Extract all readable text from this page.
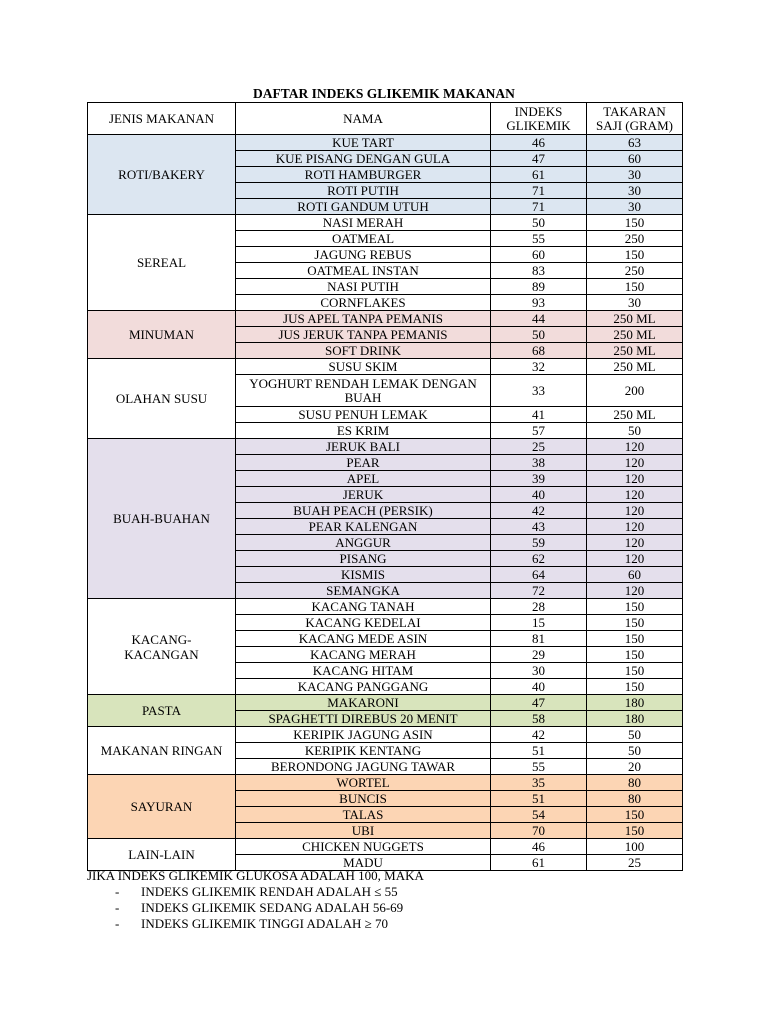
DAFTAR INDEKS GLIKEMIK MAKANAN
JENIS MAKANAN	NAMA	INDEKS GLIKEMIK	TAKARAN SAJI (GRAM)
ROTI/BAKERY	KUE TART	46	63
	KUE PISANG DENGAN GULA	47	60
	ROTI HAMBURGER	61	30
	ROTI PUTIH	71	30
	ROTI GANDUM UTUH	71	30
SEREAL	NASI MERAH	50	150
	OATMEAL	55	250
	JAGUNG REBUS	60	150
	OATMEAL INSTAN	83	250
	NASI PUTIH	89	150
	CORNFLAKES	93	30
MINUMAN	JUS APEL TANPA PEMANIS	44	250 ML
	JUS JERUK TANPA PEMANIS	50	250 ML
	SOFT DRINK	68	250 ML
OLAHAN SUSU	SUSU SKIM	32	250 ML
	YOGHURT RENDAH LEMAK DENGAN BUAH	33	200
	SUSU PENUH LEMAK	41	250 ML
	ES KRIM	57	50
BUAH-BUAHAN	JERUK BALI	25	120
	PEAR	38	120
	APEL	39	120
	JERUK	40	120
	BUAH PEACH (PERSIK)	42	120
	PEAR KALENGAN	43	120
	ANGGUR	59	120
	PISANG	62	120
	KISMIS	64	60
	SEMANGKA	72	120
KACANG-KACANGAN	KACANG TANAH	28	150
	KACANG KEDELAI	15	150
	KACANG MEDE ASIN	81	150
	KACANG MERAH	29	150
	KACANG HITAM	30	150
	KACANG PANGGANG	40	150
PASTA	MAKARONI	47	180
	SPAGHETTI DIREBUS 20 MENIT	58	180
MAKANAN RINGAN	KERIPIK JAGUNG ASIN	42	50
	KERIPIK KENTANG	51	50
	BERONDONG JAGUNG TAWAR	55	20
SAYURAN	WORTEL	35	80
	BUNCIS	51	80
	TALAS	54	150
	UBI	70	150
LAIN-LAIN	CHICKEN NUGGETS	46	100
	MADU	61	25
JIKA INDEKS GLIKEMIK GLUKOSA ADALAH 100, MAKA
- INDEKS GLIKEMIK RENDAH ADALAH ≤ 55
- INDEKS GLIKEMIK SEDANG ADALAH 56-69
- INDEKS GLIKEMIK TINGGI ADALAH ≥ 70
